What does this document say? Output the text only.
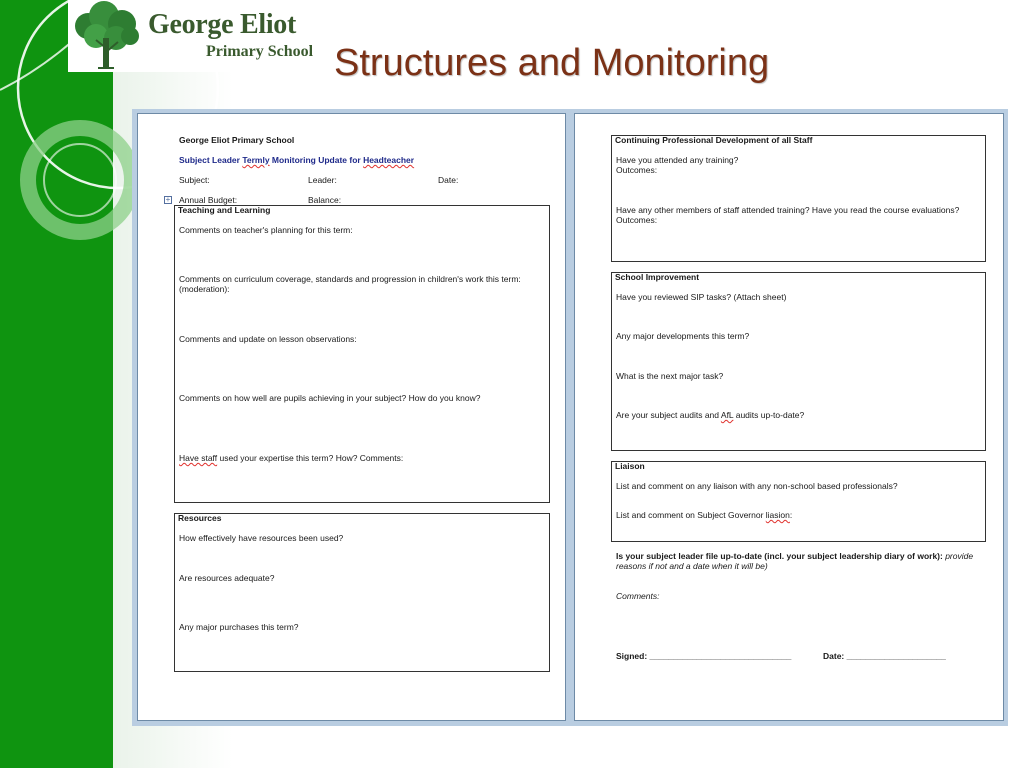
George Eliot
Primary School Structures and Monitoring
George Eliot Primary School
Subject Leader Termly Monitoring Update for Headteacher
Subject:	Leader:	Date:
+ Annual Budget:	Balance:
Teaching and Learning
Comments on teacher's planning for this term:
Comments on curriculum coverage, standards and progression in children's work this term:
(moderation):
Comments and update on lesson observations:
Comments on how well are pupils achieving in your subject? How do you know?
Have staff used your expertise this term? How? Comments:
Resources
How effectively have resources been used?
Are resources adequate?
Any major purchases this term?
Continuing Professional Development of all Staff
Have you attended any training?
Outcomes:
Have any other members of staff attended training? Have you read the course evaluations?
Outcomes:
School Improvement
Have you reviewed SIP tasks? (Attach sheet)
Any major developments this term?
What is the next major task?
Are your subject audits and AfL audits up-to-date?
Liaison
List and comment on any liaison with any non-school based professionals?
List and comment on Subject Governor liasion:
Is your subject leader file up-to-date (incl. your subject leadership diary of work): provide
reasons if not and a date when it will be)
Comments:
Signed: ______________________________	Date: _____________________
